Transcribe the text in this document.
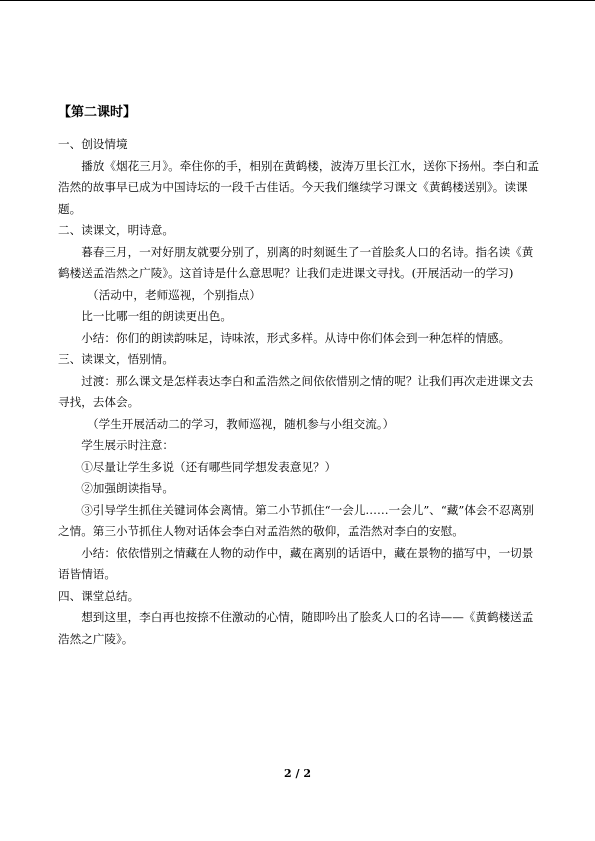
【第二课时】

一、创设情境

播放《烟花三月》。牵住你的手，相别在黄鹤楼，波涛万里长江水，送你下扬州。李白和孟浩然的故事早已成为中国诗坛的一段千古佳话。今天我们继续学习课文《黄鹤楼送别》。读课题。

二、读课文，明诗意。

暮春三月，一对好朋友就要分别了，别离的时刻诞生了一首脍炙人口的名诗。指名读《黄鹤楼送孟浩然之广陵》。这首诗是什么意思呢？让我们走进课文寻找。(开展活动一的学习)

（活动中，老师巡视，个别指点）

比一比哪一组的朗读更出色。

小结：你们的朗读韵味足，诗味浓，形式多样。从诗中你们体会到一种怎样的情感。

三、读课文，悟别情。

过渡：那么课文是怎样表达李白和孟浩然之间依依惜别之情的呢？让我们再次走进课文去寻找，去体会。

（学生开展活动二的学习，教师巡视，随机参与小组交流。）

学生展示时注意：

①尽量让学生多说（还有哪些同学想发表意见？）

②加强朗读指导。

③引导学生抓住关键词体会离情。第二小节抓住“一会儿……一会儿”、“藏”体会不忍离别之情。第三小节抓住人物对话体会李白对孟浩然的敬仰，孟浩然对李白的安慰。

小结：依依惜别之情藏在人物的动作中，藏在离别的话语中，藏在景物的描写中，一切景语皆情语。

四、课堂总结。

想到这里，李白再也按捺不住激动的心情，随即吟出了脍炙人口的名诗——《黄鹤楼送孟浩然之广陵》。

2 / 2
